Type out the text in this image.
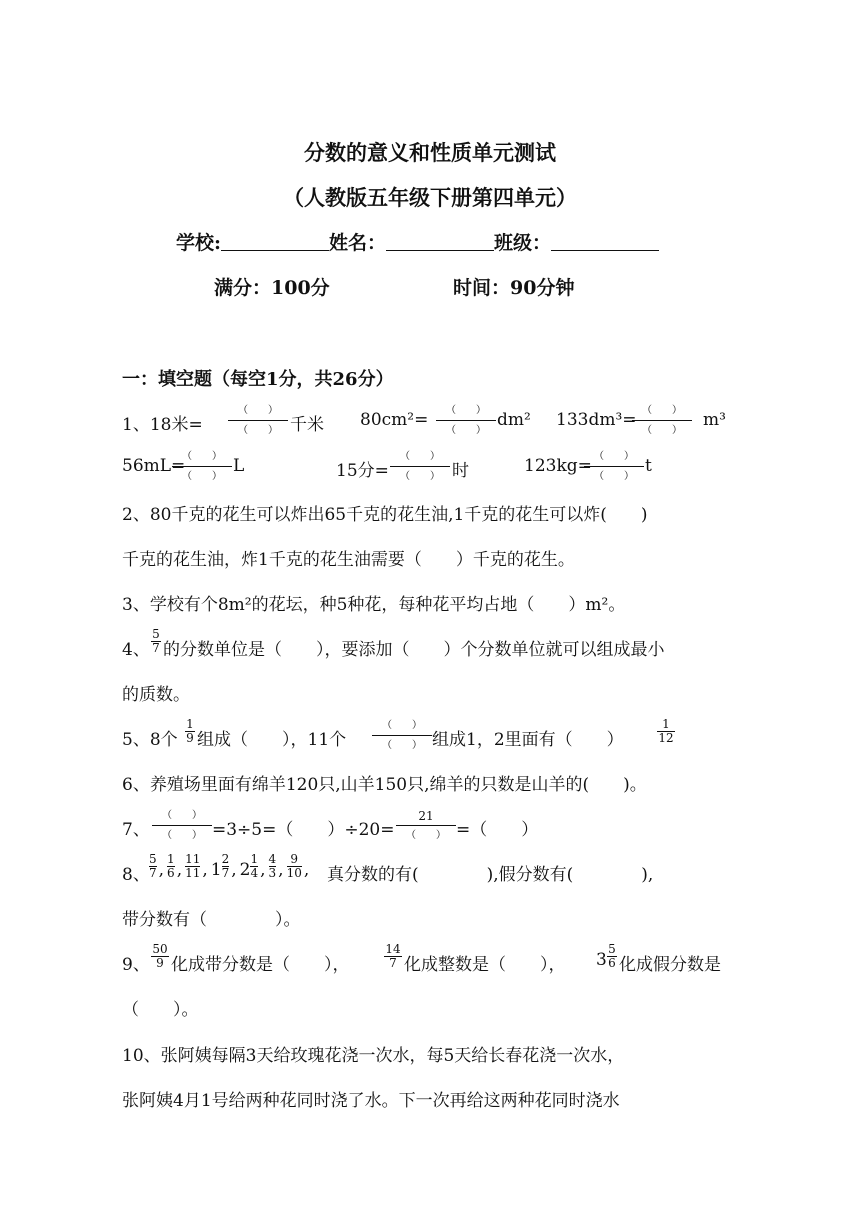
分数的意义和性质单元测试
（人教版五年级下册第四单元）
学校:	姓名：	班级：
满分：100分	时间：90分钟
一：填空题（每空1分，共26分）
1、18米=
（　　）
（　　） 千米 80cm²=	（　　）
（　　）
dm² 133dm³= （　　）
（　　）
m³
56mL=
（　　）
（　　）
L	15分=
（　　）
（　　） 时	123kg= （　　）
（　　）
t
2、80千克的花生可以炸出65千克的花生油,1千克的花生可以炸(　　)
千克的花生油，炸1千克的花生油需要（　　）千克的花生。
3、学校有个8m²的花坛，种5种花，每种花平均占地（　　）m²。
4、
5
7 的分数单位是（　　），要添加（　　）个分数单位就可以组成最小
的质数。
5、8个
1
9 组成（　　），11个
（　　）
（　　） 组成1，2里面有（　　）
1
12
6、养殖场里面有绵羊120只,山羊150只,绵羊的只数是山羊的(　　)。
7、
（　　）
（　　） =3÷5=（　　）÷20=
21
（　　） =（　　）
8、 $\frac{5}{7}$ , $\frac{1}{6}$ , $\frac{11}{11}$ , $1 \frac{2}{7}$ , $2 \frac{1}{4}$ , $\frac{4}{3}$ , $\frac{9}{10}$ , 真分数的有(　　　　),假分数有(　　　　),
带分数有（　　　　）。
9、
50
9 化成带分数是（　　），
14
7 化成整数是（　　）， 3
5
6 化成假分数是
（　　）。
10、张阿姨每隔3天给玫瑰花浇一次水，每5天给长春花浇一次水，
张阿姨4月1号给两种花同时浇了水。下一次再给这两种花同时浇水
